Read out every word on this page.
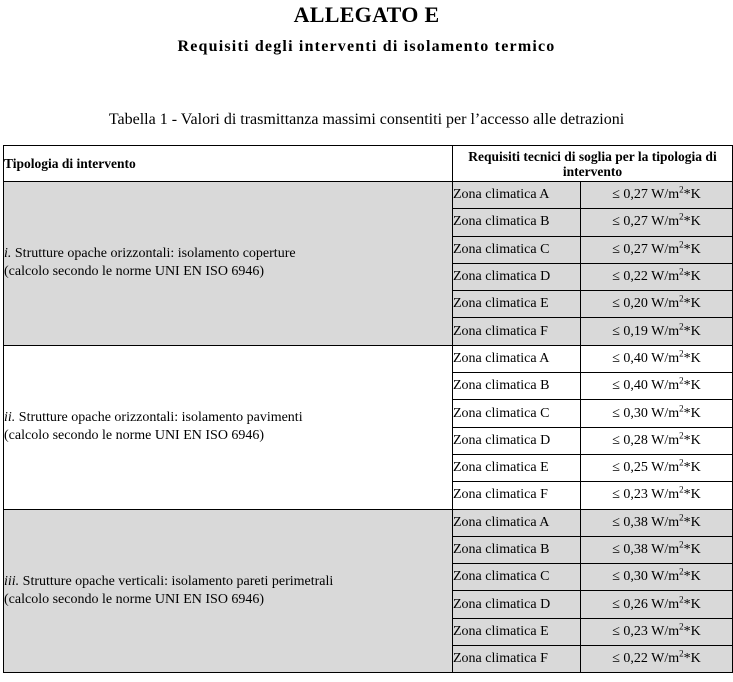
ALLEGATO E
Requisiti degli interventi di isolamento termico
Tabella 1 - Valori di trasmittanza massimi consentiti per l’accesso alle detrazioni
Tipologia di intervento	Requisiti tecnici di soglia per la tipologia di intervento	
i. Strutture opache orizzontali: isolamento coperture
(calcolo secondo le norme UNI EN ISO 6946)	Zona climatica A	≤ 0,27 $W/m^2*K$
	Zona climatica B	≤ 0,27 $W/m^2*K$
	Zona climatica C	≤ 0,27 $W/m^2*K$
	Zona climatica D	≤ 0,22 $W/m^2*K$
	Zona climatica E	≤ 0,20 $W/m^2*K$
	Zona climatica F	≤ 0,19 $W/m^2*K$
ii. Strutture opache orizzontali: isolamento pavimenti
(calcolo secondo le norme UNI EN ISO 6946)	Zona climatica A	≤ 0,40 $W/m^2*K$
	Zona climatica B	≤ 0,40 $W/m^2*K$
	Zona climatica C	≤ 0,30 $W/m^2*K$
	Zona climatica D	≤ 0,28 $W/m^2*K$
	Zona climatica E	≤ 0,25 $W/m^2*K$
	Zona climatica F	≤ 0,23 $W/m^2*K$
iii. Strutture opache verticali: isolamento pareti perimetrali
(calcolo secondo le norme UNI EN ISO 6946)	Zona climatica A	≤ 0,38 $W/m^2*K$
	Zona climatica B	≤ 0,38 $W/m^2*K$
	Zona climatica C	≤ 0,30 $W/m^2*K$
	Zona climatica D	≤ 0,26 $W/m^2*K$
	Zona climatica E	≤ 0,23 $W/m^2*K$
	Zona climatica F	≤ 0,22 $W/m^2*K$
